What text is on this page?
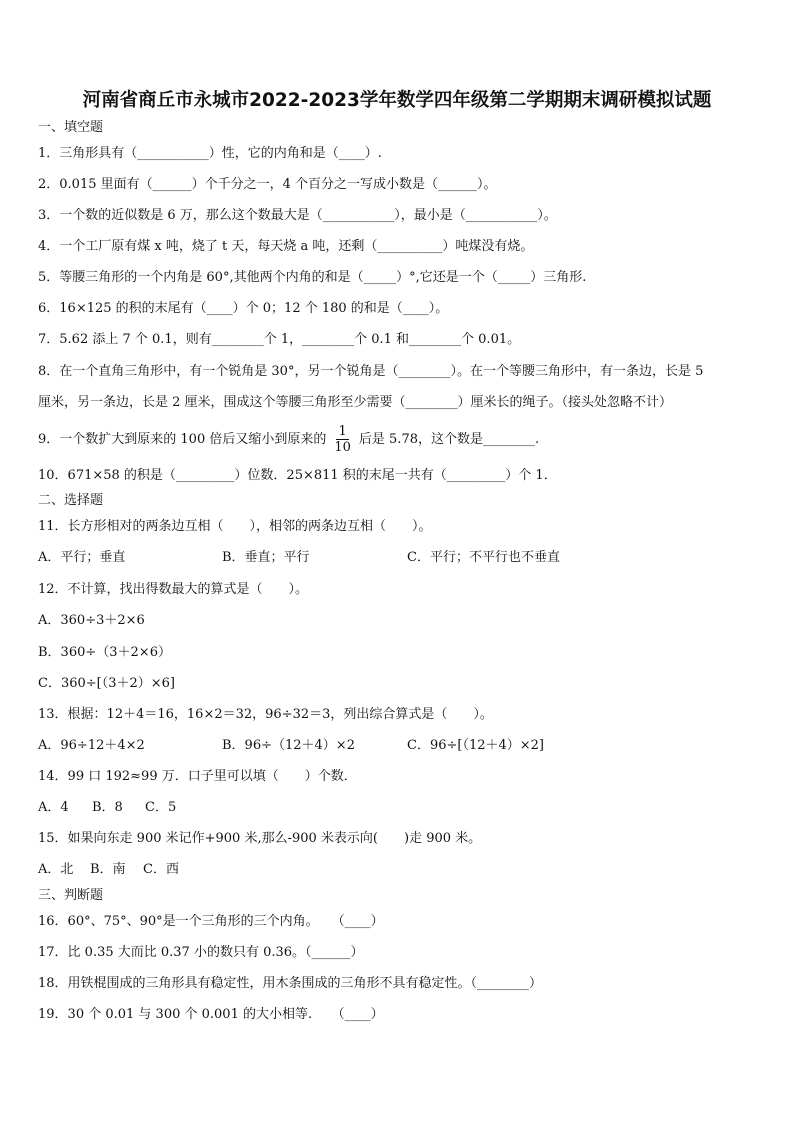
河南省商丘市永城市2022-2023学年数学四年级第二学期期末调研模拟试题
一、填空题
1．三角形具有（___________）性，它的内角和是（____）.
2．0.015 里面有（______）个千分之一，4 个百分之一写成小数是（______）。
3．一个数的近似数是 6 万，那么这个数最大是（___________），最小是（___________）。
4．一个工厂原有煤 x 吨，烧了 t 天，每天烧 a 吨，还剩（__________）吨煤没有烧。
5．等腰三角形的一个内角是 60°,其他两个内角的和是（_____）°,它还是一个（_____）三角形.
6．16×125 的积的末尾有（____）个 0；12 个 180 的和是（____）。
7．5.62 添上 7 个 0.1，则有________个 1，________个 0.1 和________个 0.01。
8．在一个直角三角形中，有一个锐角是 30°，另一个锐角是（________）。在一个等腰三角形中，有一条边，长是 5
厘米，另一条边，长是 2 厘米，围成这个等腰三角形至少需要（________）厘米长的绳子。（接头处忽略不计）
9．一个数扩大到原来的 100 倍后又缩小到原来的 $\frac{1}{10}$ 后是 5.78，这个数是________.
10．671×58 的积是（_________）位数．25×811 积的末尾一共有（_________）个 1．
二、选择题
11．长方形相对的两条边互相（　　），相邻的两条边互相（　　）。
A．平行；垂直	B．垂直；平行	C．平行；不平行也不垂直
12．不计算，找出得数最大的算式是（　　）。
A．360÷3＋2×6
B．360÷（3＋2×6）
C．360÷[（3＋2）×6]
13．根据：12＋4＝16，16×2＝32，96÷32＝3，列出综合算式是（　　）。
A．96÷12＋4×2	B．96÷（12＋4）×2	C．96÷[（12＋4）×2]
14．99 口 192≈99 万．口子里可以填（　　）个数．
A．4 B．8 C．5
15．如果向东走 900 米记作+900 米,那么-900 米表示向(　　)走 900 米。
A．北 B．南 C．西
三、判断题
16．60°、75°、90°是一个三角形的三个内角。　　（____）
17．比 0.35 大而比 0.37 小的数只有 0.36。（______）
18．用铁棍围成的三角形具有稳定性，用木条围成的三角形不具有稳定性。（________）
19．30 个 0.01 与 300 个 0.001 的大小相等.　　（____）
